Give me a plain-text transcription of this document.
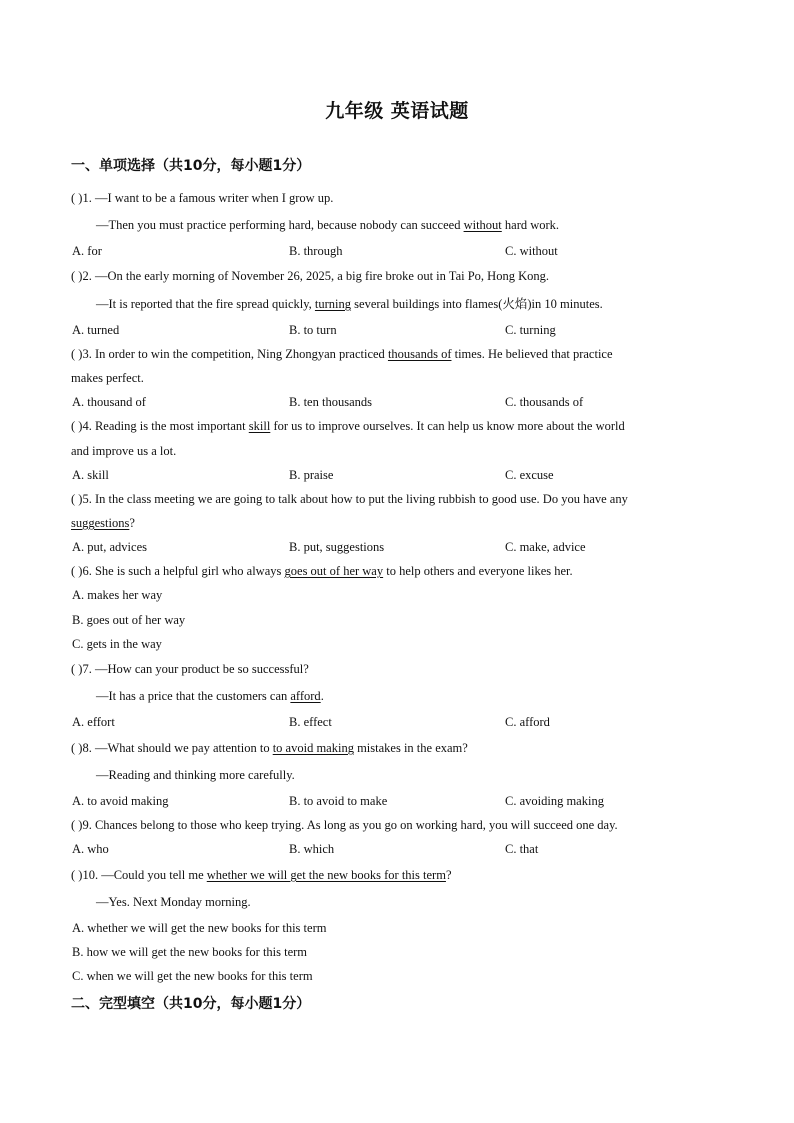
九年级 英语试题
一、单项选择（共10分，每小题1分）
( )1. —I want to be a famous writer when I grow up.
—Then you must practice performing hard, because nobody can succeed without hard work.
A. for	B. through	C. without
( )2. —On the early morning of November 26, 2025, a big fire broke out in Tai Po, Hong Kong.
—It is reported that the fire spread quickly, turning several buildings into flames(火焰)in 10 minutes.
A. turned	B. to turn	C. turning
( )3. In order to win the competition, Ning Zhongyan practiced thousands of times. He believed that practice
makes perfect.
A. thousand of	B. ten thousands	C. thousands of
( )4. Reading is the most important skill for us to improve ourselves. It can help us know more about the world
and improve us a lot.
A. skill	B. praise	C. excuse
( )5. In the class meeting we are going to talk about how to put the living rubbish to good use. Do you have any
suggestions?
A. put, advices	B. put, suggestions	C. make, advice
( )6. She is such a helpful girl who always goes out of her way to help others and everyone likes her.
A. makes her way
B. goes out of her way
C. gets in the way
( )7. —How can your product be so successful?
—It has a price that the customers can afford.
A. effort	B. effect	C. afford
( )8. —What should we pay attention to to avoid making mistakes in the exam?
—Reading and thinking more carefully.
A. to avoid making	B. to avoid to make	C. avoiding making
( )9. Chances belong to those who keep trying. As long as you go on working hard, you will succeed one day.
A. who	B. which	C. that
( )10. —Could you tell me whether we will get the new books for this term?
—Yes. Next Monday morning.
A. whether we will get the new books for this term
B. how we will get the new books for this term
C. when we will get the new books for this term
二、完型填空（共10分，每小题1分）
